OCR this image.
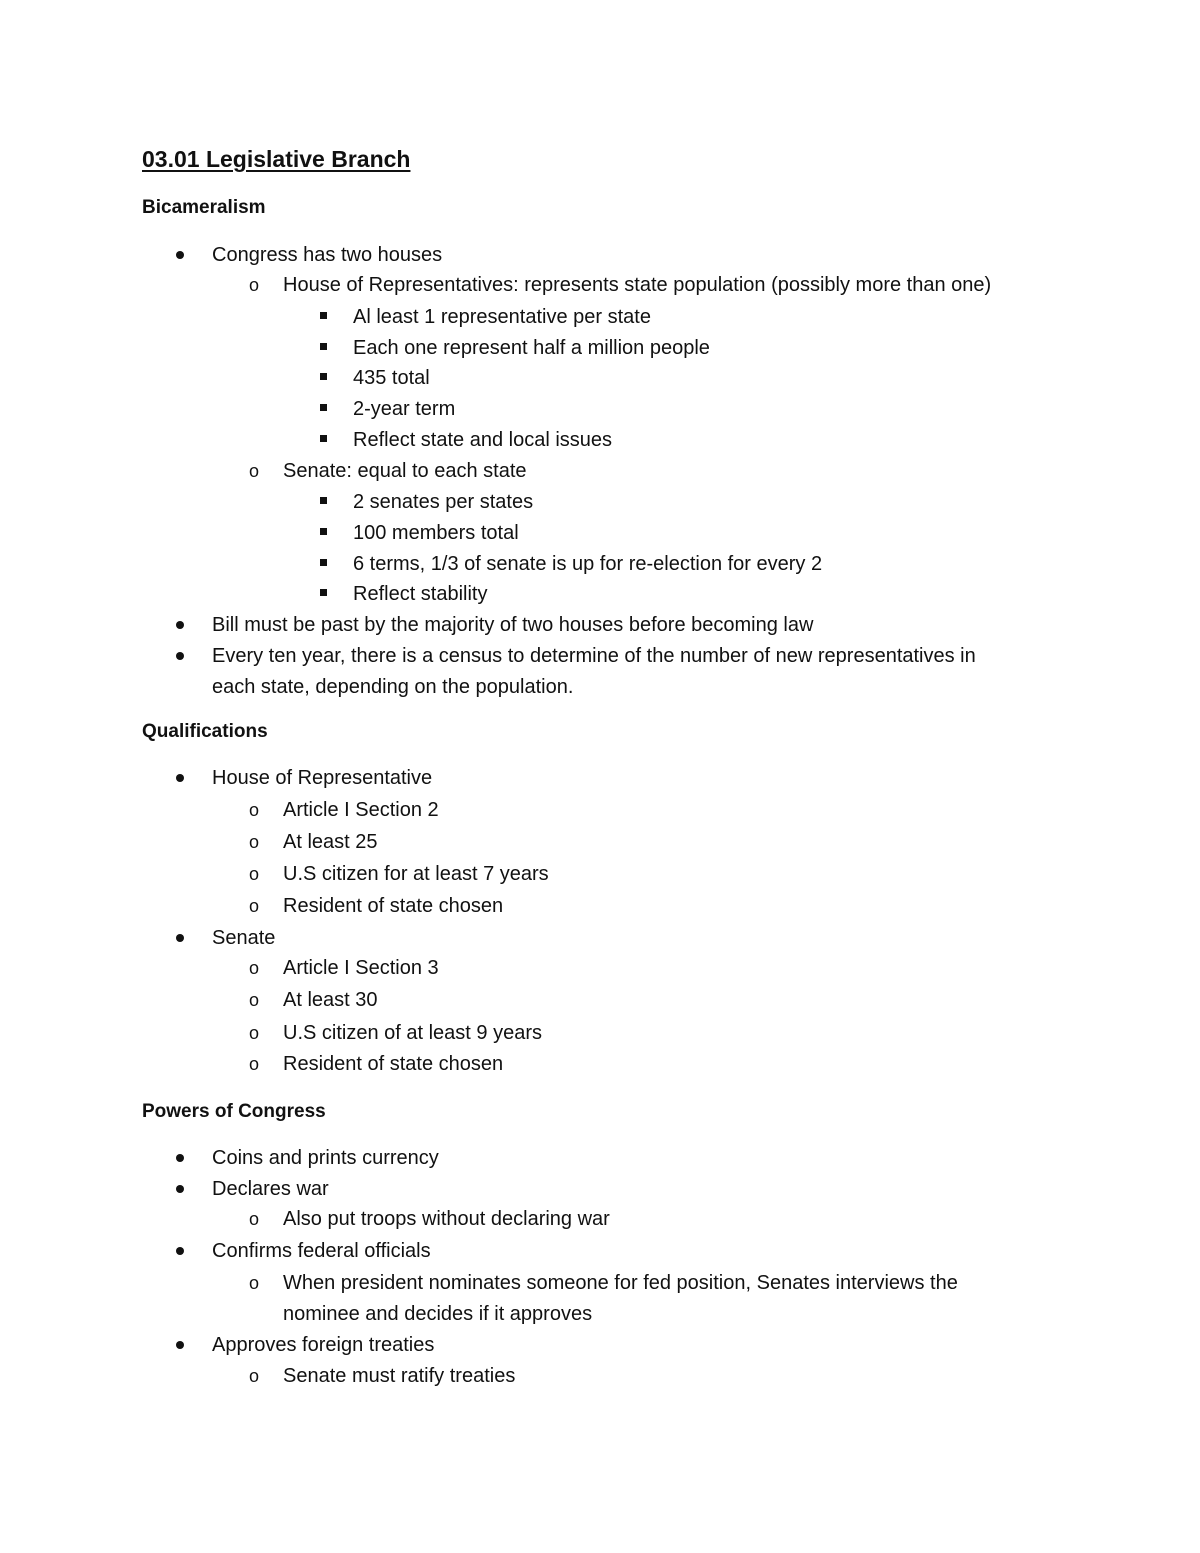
03.01 Legislative Branch
Bicameralism
Congress has two houses
o House of Representatives: represents state population (possibly more than one)
Al least 1 representative per state
Each one represent half a million people
435 total
2-year term
Reflect state and local issues
o Senate: equal to each state
2 senates per states
100 members total
6 terms, 1/3 of senate is up for re-election for every 2
Reflect stability
Bill must be past by the majority of two houses before becoming law
Every ten year, there is a census to determine of the number of new representatives in
each state, depending on the population.
Qualifications
House of Representative
o Article I Section 2
o At least 25
o U.S citizen for at least 7 years
o Resident of state chosen
Senate
o Article I Section 3
o At least 30
o U.S citizen of at least 9 years
o Resident of state chosen
Powers of Congress
Coins and prints currency
Declares war
o Also put troops without declaring war
Confirms federal officials
o When president nominates someone for fed position, Senates interviews the
nominee and decides if it approves
Approves foreign treaties
o Senate must ratify treaties
